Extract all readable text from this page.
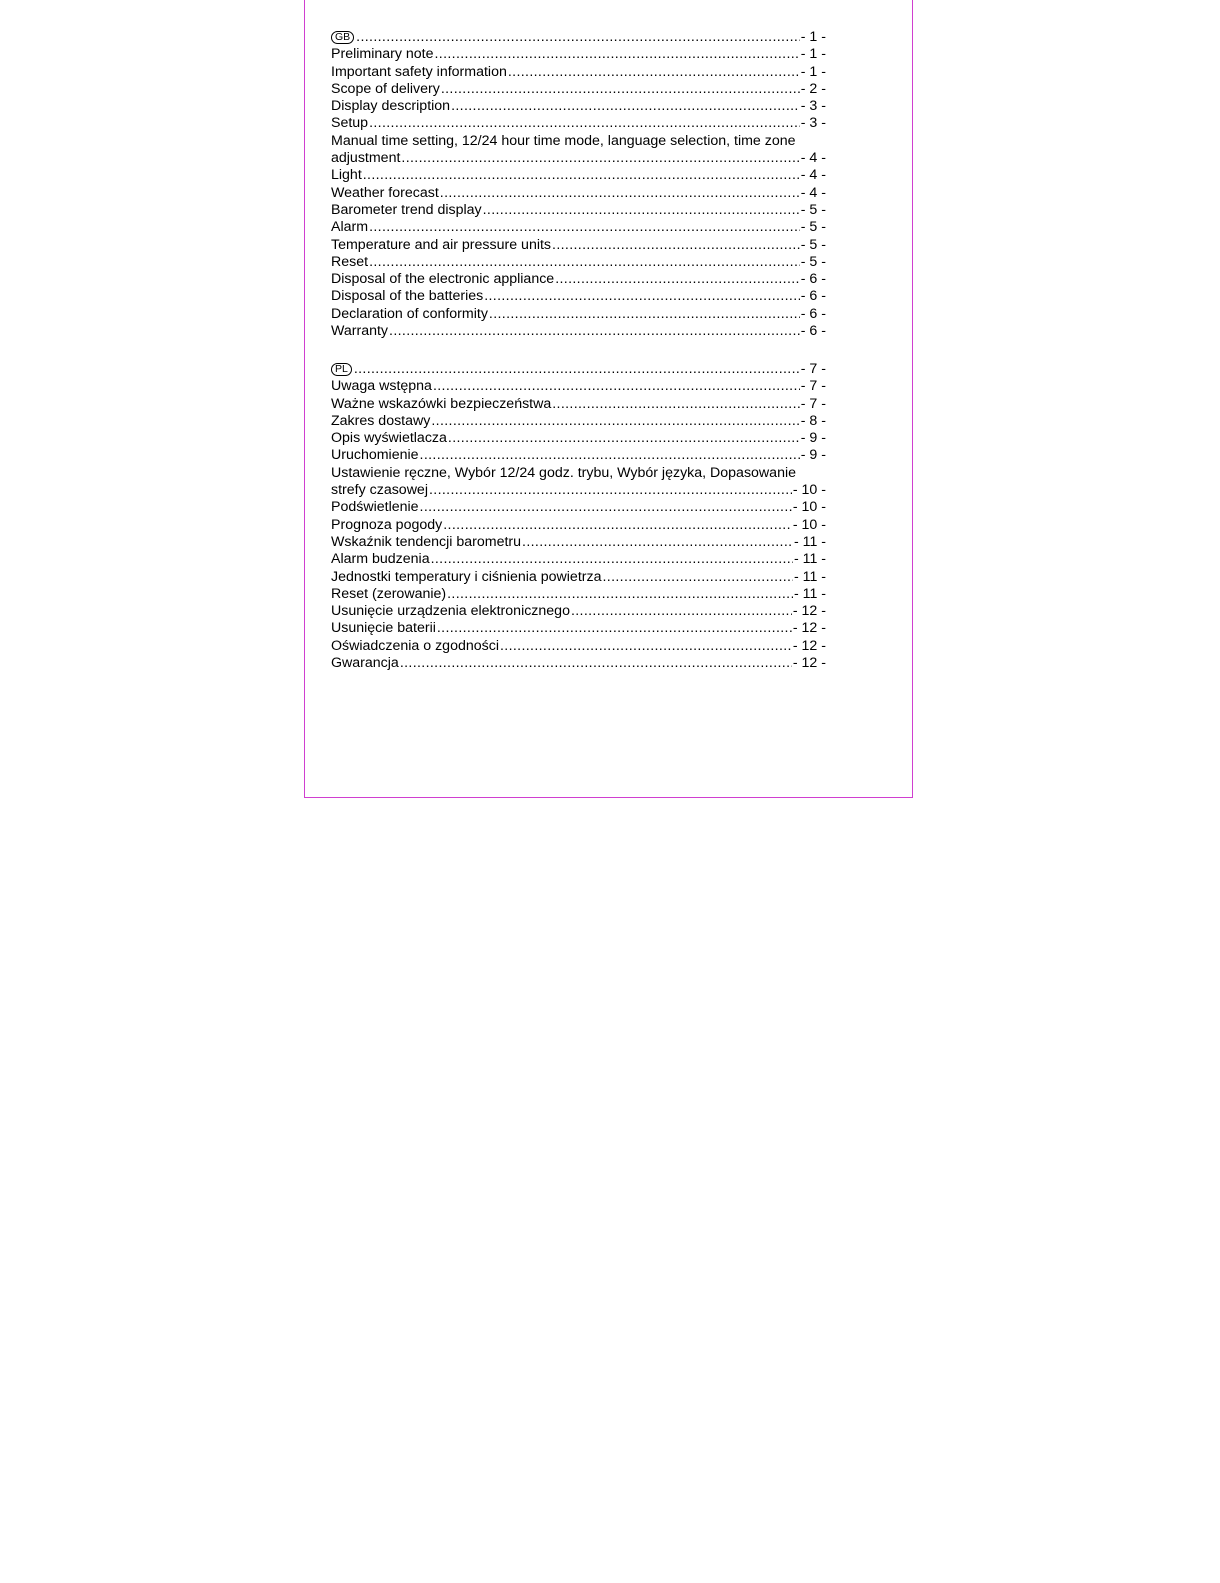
GB .....	- 1 -
Preliminary note .....	- 1 -
Important safety information .....	- 1 -
Scope of delivery .....	- 2 -
Display description .....	- 3 -
Setup .....	- 3 -
Manual time setting, 12/24 hour time mode, language selection, time zone
adjustment .....	- 4 -
Light .....	- 4 -
Weather forecast .....	- 4 -
Barometer trend display .....	- 5 -
Alarm .....	- 5 -
Temperature and air pressure units .....	- 5 -
Reset .....	- 5 -
Disposal of the electronic appliance .....	- 6 -
Disposal of the batteries .....	- 6 -
Declaration of conformity .....	- 6 -
Warranty .....	- 6 -
PL .....	- 7 -
Uwaga wstępna .....	- 7 -
Ważne wskazówki bezpieczeństwa .....	- 7 -
Zakres dostawy .....	- 8 -
Opis wyświetlacza .....	- 9 -
Uruchomienie .....	- 9 -
Ustawienie ręczne, Wybór 12/24 godz. trybu, Wybór języka, Dopasowanie
strefy czasowej .....	- 10 -
Podświetlenie .....	- 10 -
Prognoza pogody .....	- 10 -
Wskaźnik tendencji barometru .....	- 11 -
Alarm budzenia .....	- 11 -
Jednostki temperatury i ciśnienia powietrza .....	- 11 -
Reset (zerowanie) .....	- 11 -
Usunięcie urządzenia elektronicznego .....	- 12 -
Usunięcie baterii .....	- 12 -
Oświadczenia o zgodności .....	- 12 -
Gwarancja .....	- 12 -
